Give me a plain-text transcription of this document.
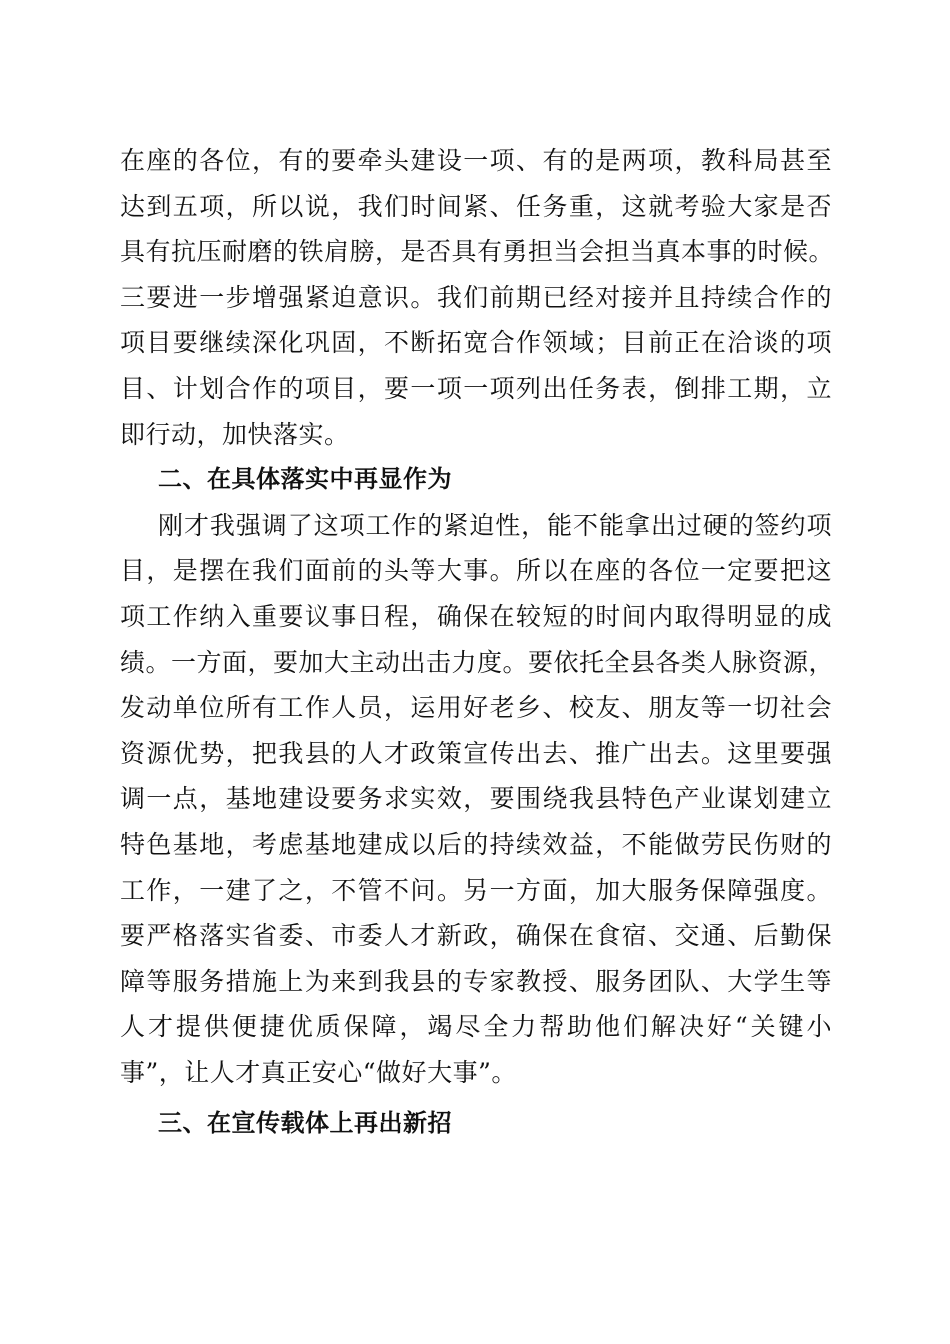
在座的各位，有的要牵头建设一项、有的是两项，教科局甚至
达到五项，所以说，我们时间紧、任务重，这就考验大家是否
具有抗压耐磨的铁肩膀，是否具有勇担当会担当真本事的时候。
三要进一步增强紧迫意识。我们前期已经对接并且持续合作的
项目要继续深化巩固，不断拓宽合作领域；目前正在洽谈的项
目、计划合作的项目，要一项一项列出任务表，倒排工期，立
即行动，加快落实。
二、在具体落实中再显作为
刚才我强调了这项工作的紧迫性，能不能拿出过硬的签约项
目，是摆在我们面前的头等大事。所以在座的各位一定要把这
项工作纳入重要议事日程，确保在较短的时间内取得明显的成
绩。一方面，要加大主动出击力度。要依托全县各类人脉资源，
发动单位所有工作人员，运用好老乡、校友、朋友等一切社会
资源优势，把我县的人才政策宣传出去、推广出去。这里要强
调一点，基地建设要务求实效，要围绕我县特色产业谋划建立
特色基地，考虑基地建成以后的持续效益，不能做劳民伤财的
工作，一建了之，不管不问。另一方面，加大服务保障强度。
要严格落实省委、市委人才新政，确保在食宿、交通、后勤保
障等服务措施上为来到我县的专家教授、服务团队、大学生等
人才提供便捷优质保障，竭尽全力帮助他们解决好“关键小
事”，让人才真正安心“做好大事”。
三、在宣传载体上再出新招
